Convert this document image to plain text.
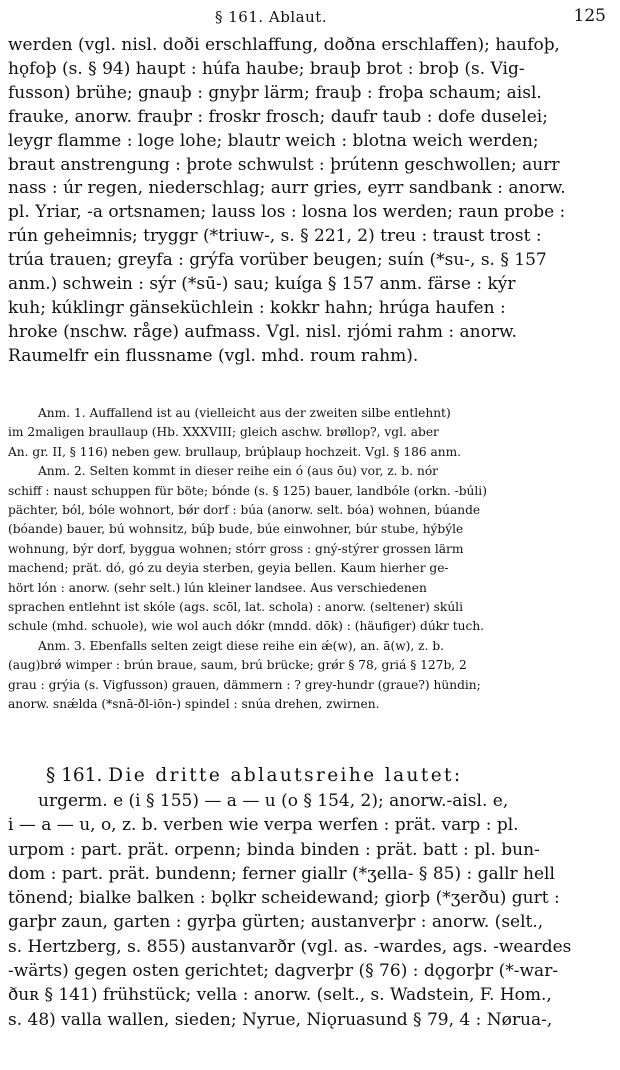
§ 161. Ablaut.	125
werden (vgl. nisl. doði erschlaffung, doðna erschlaffen); haufoþ,
hǫfoþ (s. § 94) haupt : húfa haube; brauþ brot : broþ (s. Vig-
fusson) brühe; gnauþ : gnyþr lärm; frauþ : froþa schaum; aisl.
frauke, anorw. frauþr : froskr frosch; daufr taub : dofe duselei;
leygr flamme : loge lohe; blautr weich : blotna weich werden;
braut anstrengung : þrote schwulst : þrútenn geschwollen; aurr
nass : úr regen, niederschlag; aurr gries, eyrr sandbank : anorw.
pl. Yriar, -a ortsnamen; lauss los : losna los werden; raun probe :
rún geheimnis; tryggr (*triuw-, s. § 221, 2) treu : traust trost :
trúa trauen; greyfa : grýfa vorüber beugen; suín (*su-, s. § 157
anm.) schwein : sýr (*sū-) sau; kuíga § 157 anm. färse : kýr
kuh; kúklingr gänseküchlein : kokkr hahn; hrúga haufen :
hroke (nschw. råge) aufmass. Vgl. nisl. rjómi rahm : anorw.
Raumelfr ein flussname (vgl. mhd. roum rahm).
Anm. 1. Auffallend ist au (vielleicht aus der zweiten silbe entlehnt)
im 2maligen braullaup (Hb. XXXVIII; gleich aschw. brøllop?, vgl. aber
An. gr. II, § 116) neben gew. brullaup, brúþlaup hochzeit. Vgl. § 186 anm.
Anm. 2. Selten kommt in dieser reihe ein ó (aus ōu) vor, z. b. nór
schiff : naust schuppen für böte; bónde (s. § 125) bauer, landbóle (orkn. -búli)
pächter, ból, bóle wohnort, bǿr dorf : búa (anorw. selt. bóa) wohnen, búande
(bóande) bauer, bú wohnsitz, búþ bude, búe einwohner, búr stube, hýbýle
wohnung, býr dorf, byggua wohnen; stórr gross : gný-stýrer grossen lärm
machend; prät. dó, gó zu deyia sterben, geyia bellen. Kaum hierher ge-
hört lón : anorw. (sehr selt.) lún kleiner landsee. Aus verschiedenen
sprachen entlehnt ist skóle (ags. scōl, lat. schola) : anorw. (seltener) skúli
schule (mhd. schuole), wie wol auch dókr (mndd. dōk) : (häufiger) dúkr tuch.
Anm. 3. Ebenfalls selten zeigt diese reihe ein ǽ(w), an. ā(w), z. b.
(aug)brǿ wimper : brún braue, saum, brú brücke; grǿr § 78, griá § 127b, 2
grau : grýia (s. Vigfusson) grauen, dämmern : ? grey-hundr (graue?) hündin;
anorw. snǽlda (*snā-ðl-iōn-) spindel : snúa drehen, zwirnen.
§ 161. Die dritte ablautsreihe lautet:
urgerm. e (i § 155) — a — u (o § 154, 2); anorw.-aisl. e,
i — a — u, o, z. b. verben wie verpa werfen : prät. varp : pl.
urpom : part. prät. orpenn; binda binden : prät. batt : pl. bun-
dom : part. prät. bundenn; ferner giallr (*ʒella- § 85) : gallr hell
tönend; bialke balken : bǫlkr scheidewand; giorþ (*ʒerðu) gurt :
garþr zaun, garten : gyrþa gürten; austanverþr : anorw. (selt.,
s. Hertzberg, s. 855) austanvarðr (vgl. as. -wardes, ags. -weardes
-wärts) gegen osten gerichtet; dagverþr (§ 76) : dǫgorþr (*-war-
ðuʀ § 141) frühstück; vella : anorw. (selt., s. Wadstein, F. Hom.,
s. 48) valla wallen, sieden; Nyrue, Niǫruasund § 79, 4 : Nørua-,
